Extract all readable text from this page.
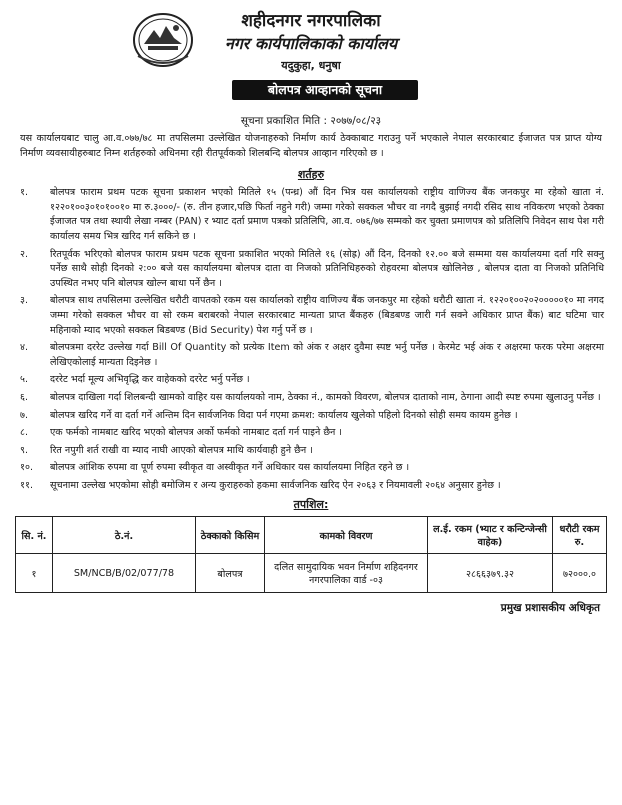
शहीदनगर नगरपालिका
नगर कार्यपालिकाको कार्यालय
यदुकुहा, धनुषा
बोलपत्र आव्हानको सूचना
सूचना प्रकाशित मिति : २०७७/०८/२३
यस कार्यालयबाट चालु आ.व.०७७/७८ मा तपसिलमा उल्लेखित योजनाहरुको निर्माण कार्य ठेक्काबाट गराउनु पर्ने भएकाले नेपाल सरकारबाट ईजाजत पत्र प्राप्त योग्य निर्माण व्यवसायीहरुबाट निम्न शर्तहरुको अधिनमा रही रीतपूर्वकको शिलबन्दि बोलपत्र आव्हान गरिएको छ ।
शर्तहरु
१.	बोलपत्र फाराम प्रथम पटक सूचना प्रकाशन भएको मितिले १५ (पन्ध्र) औं दिन भित्र यस कार्यालयको राष्ट्रीय वाणिज्य बैंक जनकपुर मा रहेको खाता नं. १२२०१००३०१०१००१० मा रु.३०००/- (रु. तीन हजार,पछि फिर्ता नहुने गरी) जम्मा गरेको सक्कल भौचर वा नगदै बुझाई नगदी रसिद साथ नविकरण भएको ठेक्का ईजाजत पत्र तथा स्थायी लेखा नम्बर (PAN) र भ्याट दर्ता प्रमाण पत्रको प्रतिलिपि, आ.व. ०७६/७७ सम्मको कर चुक्ता प्रमाणपत्र को प्रतिलिपि निवेदन साथ पेश गरी कार्यालय समय भित्र खरिद गर्न सकिने छ ।
२.	रितपूर्वक भरिएको बोलपत्र फाराम प्रथम पटक सूचना प्रकाशित भएको मितिले १६ (सोह्र) औं दिन, दिनको १२.०० बजे सम्ममा यस कार्यालयमा दर्ता गरि सक्नु पर्नेछ साथै सोही दिनको २:०० बजे यस कार्यालयमा बोलपत्र दाता वा निजको प्रतिनिधिहरुको रोहवरमा बोलपत्र खोलिनेछ , बोलपत्र दाता वा निजको प्रतिनिधि उपस्थित नभए पनि बोलपत्र खोल्न बाधा पर्ने छैन ।
३.	बोलपत्र साथ तपसिलमा उल्लेखित धरौटी वापतको रकम यस कार्यालको राष्ट्रीय वाणिज्य बैंक जनकपुर मा रहेको धरौटी खाता नं. १२२०१००२०२०००००१० मा नगद जम्मा गरेको सक्कल भौचर वा सो रकम बराबरको नेपाल सरकारबाट मान्यता प्राप्त बैंकहरु (बिडबण्ड जारी गर्न सक्ने अधिकार प्राप्त बैंक) बाट घटिमा चार महिनाको म्याद भएको सक्कल बिडबण्ड (Bid Security) पेश गर्नु पर्ने छ ।
४.	बोलपत्रमा दररेट उल्लेख गर्दा Bill Of Quantity को प्रत्येक Item को अंक र अक्षर दुवैमा स्पष्ट भर्नु पर्नेछ । केरमेट भई अंक र अक्षरमा फरक परेमा अक्षरमा लेखिएकोलाई मान्यता दिइनेछ ।
५.	दररेट भर्दा मूल्य अभिवृद्धि कर वाहेकको दररेट भर्नु पर्नेछ ।
६.	बोलपत्र दाखिला गर्दा शिलबन्दी खामको वाहिर यस कार्यालयको नाम, ठेक्का नं., कामको विवरण, बोलपत्र दाताको नाम, ठेगाना आदी स्पष्ट रुपमा खुलाउनु पर्नेछ ।
७.	बोलपत्र खरिद गर्ने वा दर्ता गर्ने अन्तिम दिन सार्वजनिक विदा पर्न गएमा क्रमश: कार्यालय खुलेको पहिलो दिनको सोही समय कायम हुनेछ ।
८.	एक फर्मको नामबाट खरिद भएको बोलपत्र अर्को फर्मको नामबाट दर्ता गर्न पाइने छैन ।
९.	रित नपुगी शर्त राखी वा म्याद नाघी आएको बोलपत्र माथि कार्यवाही हुने छैन ।
१०.	बोलपत्र आंशिक रुपमा वा पूर्ण रुपमा स्वीकृत वा अस्वीकृत गर्ने अधिकार यस कार्यालयमा निहित रहने छ ।
११.	सूचनामा उल्लेख भएकोमा सोही बमोजिम र अन्य कुराहरुको हकमा सार्वजनिक खरिद ऐन २०६३ र नियमावली २०६४ अनुसार हुनेछ ।
तपशिल:
सि. नं.	ठे.नं.	ठेक्काको किसिम	कामको विवरण	ल.ई. रकम (भ्याट र कन्टिन्जेन्सी वाहेक)	धरौटी रकम रु.
१	SM/NCB/B/02/077/78	बोलपत्र	दलित सामुदायिक भवन निर्माण शहिदनगर नगरपालिका वार्ड -०३	२८६६३७९.३२	७२०००.०
प्रमुख प्रशासकीय अधिकृत
